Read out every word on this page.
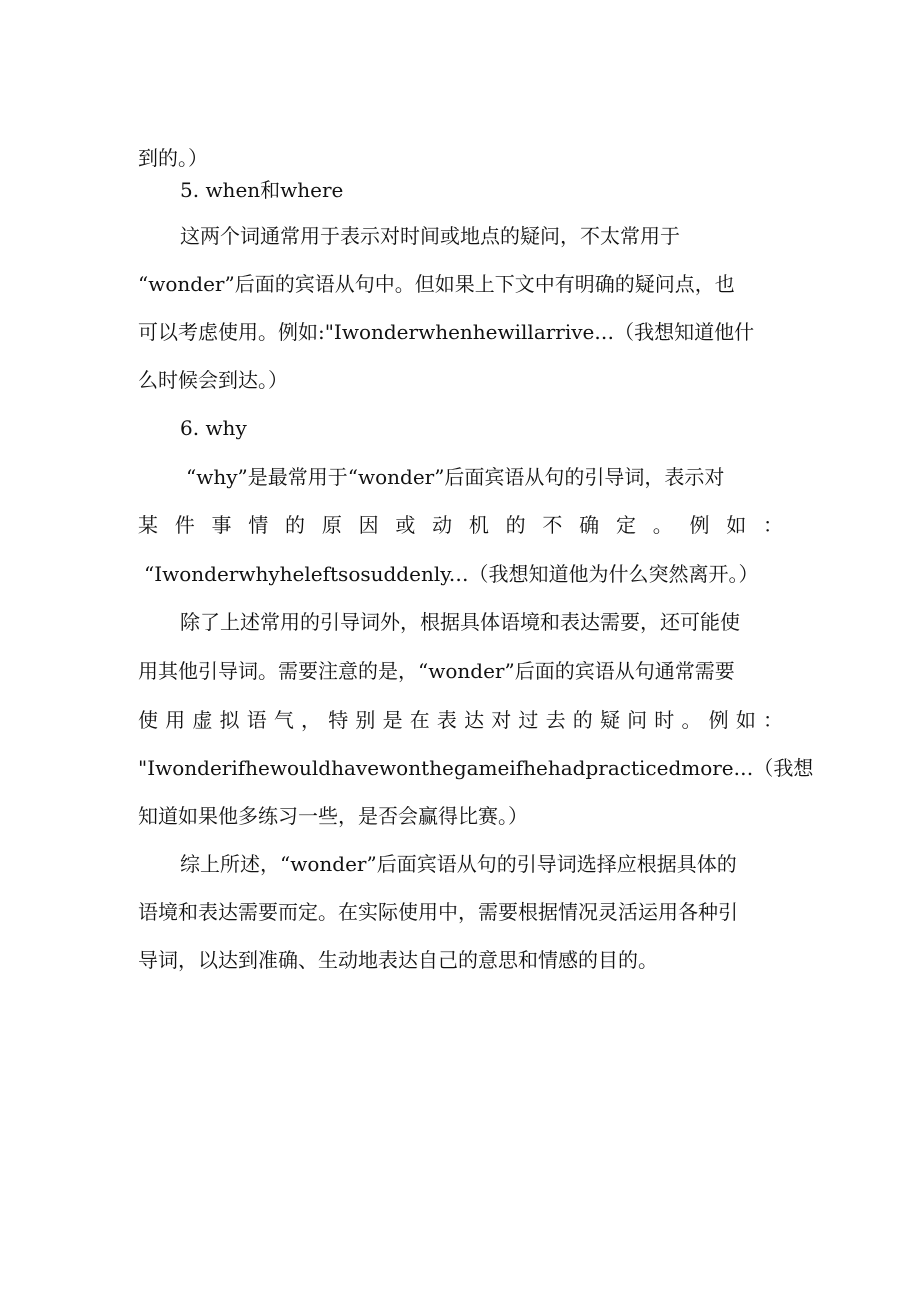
到的。）
5. when和where
这两个词通常用于表示对时间或地点的疑问，不太常用于
“wonder”后面的宾语从句中。但如果上下文中有明确的疑问点，也
可以考虑使用。例如:"Iwonderwhenhewillarrive.‥（我想知道他什
么时候会到达。）
6. why
“why”是最常用于“wonder”后面宾语从句的引导词，表示对
某件事情的原因或动机的不确定。例如：
“Iwonderwhyheleftsosuddenly.‥（我想知道他为什么突然离开。）
除了上述常用的引导词外，根据具体语境和表达需要，还可能使
用其他引导词。需要注意的是，“wonder”后面的宾语从句通常需要
使用虚拟语气，特别是在表达对过去的疑问时。例如：
"Iwonderifhewouldhavewonthegameifhehadpracticedmore.‥（我想
知道如果他多练习一些，是否会赢得比赛。）
综上所述，“wonder”后面宾语从句的引导词选择应根据具体的
语境和表达需要而定。在实际使用中，需要根据情况灵活运用各种引
导词，以达到准确、生动地表达自己的意思和情感的目的。
